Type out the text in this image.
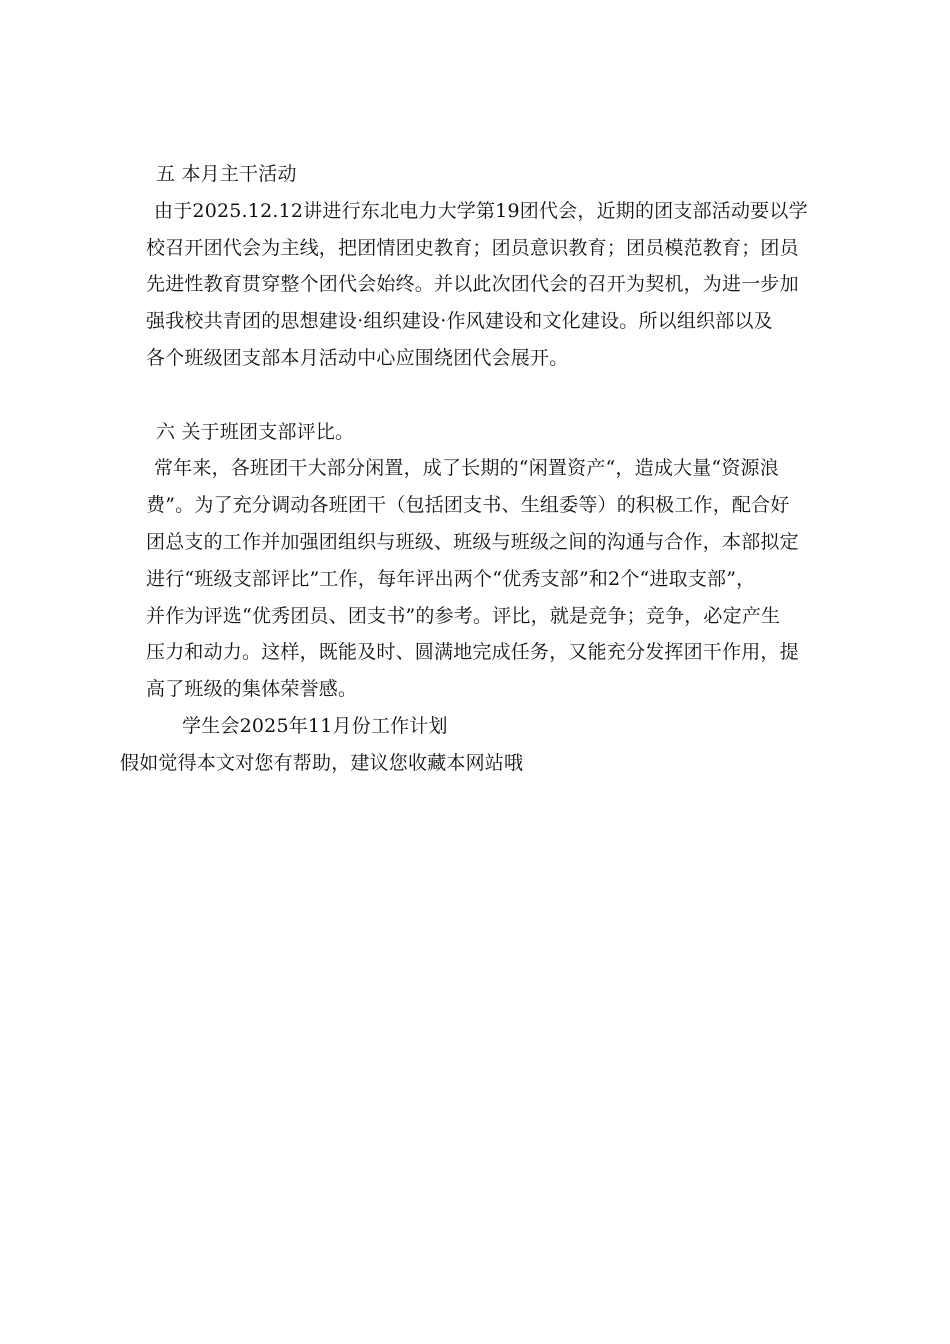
五 本月主干活动
由于2025.12.12讲进行东北电力大学第19团代会，近期的团支部活动要以学
校召开团代会为主线，把团情团史教育；团员意识教育；团员模范教育；团员
先进性教育贯穿整个团代会始终。并以此次团代会的召开为契机，为进一步加
强我校共青团的思想建设·组织建设·作风建设和文化建设。所以组织部以及
各个班级团支部本月活动中心应围绕团代会展开。
六 关于班团支部评比。
常年来，各班团干大部分闲置，成了长期的“闲置资产“，造成大量“资源浪
费”。为了充分调动各班团干（包括团支书、生组委等）的积极工作，配合好
团总支的工作并加强团组织与班级、班级与班级之间的沟通与合作，本部拟定
进行“班级支部评比”工作，每年评出两个“优秀支部”和2个“进取支部”，
并作为评选“优秀团员、团支书”的参考。评比，就是竞争；竞争，必定产生
压力和动力。这样，既能及时、圆满地完成任务，又能充分发挥团干作用，提
高了班级的集体荣誉感。
学生会2025年11月份工作计划
假如觉得本文对您有帮助，建议您收藏本网站哦
